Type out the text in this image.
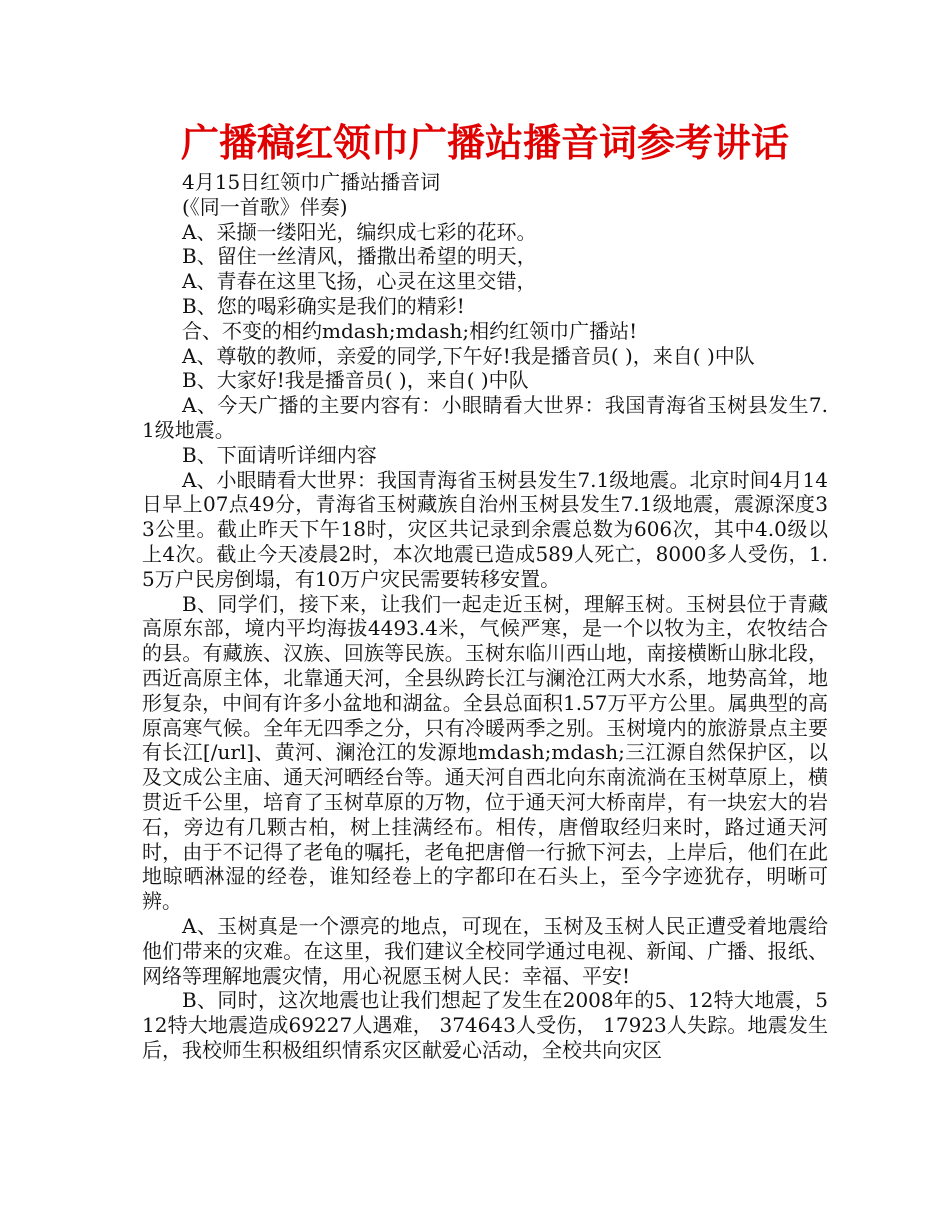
广播稿红领巾广播站播音词参考讲话

4月15日红领巾广播站播音词

(《同一首歌》伴奏)

A、采撷一缕阳光，编织成七彩的花环。

B、留住一丝清风，播撒出希望的明天，

A、青春在这里飞扬，心灵在这里交错，

B、您的喝彩确实是我们的精彩!

合、不变的相约mdash;mdash;相约红领巾广播站!

A、尊敬的教师，亲爱的同学,下午好!我是播音员( )，来自( )中队

B、大家好!我是播音员( )，来自( )中队

A、今天广播的主要内容有：小眼睛看大世界：我国青海省玉树县发生7.1级地震。

B、下面请听详细内容

A、小眼睛看大世界：我国青海省玉树县发生7.1级地震。北京时间4月14日早上07点49分，青海省玉树藏族自治州玉树县发生7.1级地震，震源深度33公里。截止昨天下午18时，灾区共记录到余震总数为606次，其中4.0级以上4次。截止今天凌晨2时，本次地震已造成589人死亡，8000多人受伤，1.5万户民房倒塌，有10万户灾民需要转移安置。

B、同学们，接下来，让我们一起走近玉树，理解玉树。玉树县位于青藏高原东部，境内平均海拔4493.4米，气候严寒，是一个以牧为主，农牧结合的县。有藏族、汉族、回族等民族。玉树东临川西山地，南接横断山脉北段，西近高原主体，北靠通天河，全县纵跨长江与澜沧江两大水系，地势高耸，地形复杂，中间有许多小盆地和湖盆。全县总面积1.57万平方公里。属典型的高原高寒气候。全年无四季之分，只有冷暖两季之别。玉树境内的旅游景点主要有长江[/url]、黄河、澜沧江的发源地mdash;mdash;三江源自然保护区，以及文成公主庙、通天河晒经台等。通天河自西北向东南流淌在玉树草原上，横贯近千公里，培育了玉树草原的万物，位于通天河大桥南岸，有一块宏大的岩石，旁边有几颗古柏，树上挂满经布。相传，唐僧取经归来时，路过通天河时，由于不记得了老龟的嘱托，老龟把唐僧一行掀下河去，上岸后，他们在此地晾晒淋湿的经卷，谁知经卷上的字都印在石头上，至今字迹犹存，明晰可辨。

A、玉树真是一个漂亮的地点，可现在，玉树及玉树人民正遭受着地震给他们带来的灾难。在这里，我们建议全校同学通过电视、新闻、广播、报纸、网络等理解地震灾情，用心祝愿玉树人民：幸福、平安!

B、同时，这次地震也让我们想起了发生在2008年的5、12特大地震，512特大地震造成69227人遇难， 374643人受伤， 17923人失踪。地震发生后，我校师生积极组织情系灾区献爱心活动，全校共向灾区
